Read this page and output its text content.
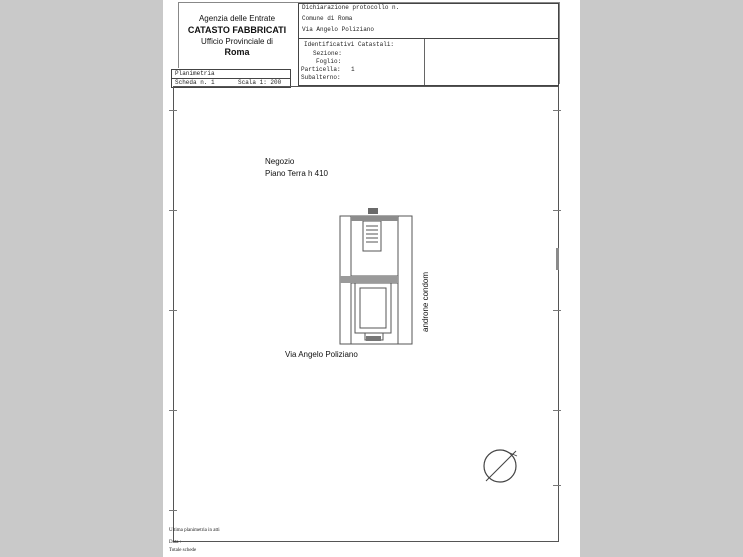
Agenzia delle Entrate
CATASTO FABBRICATI
Ufficio Provinciale di
Roma
Dichiarazione protocollo n.
Comune di Roma
Via Angelo Poliziano
Identificativi Catastali:
Sezione:
Foglio:
Particella: 1
Subalterno:
Planimetria
Scheda n. 1	Scala 1: 200
Negozio
Piano Terra h 410
androne condom
Via Angelo Poliziano
Ultima planimetria in atti
Data :
Totale schede
